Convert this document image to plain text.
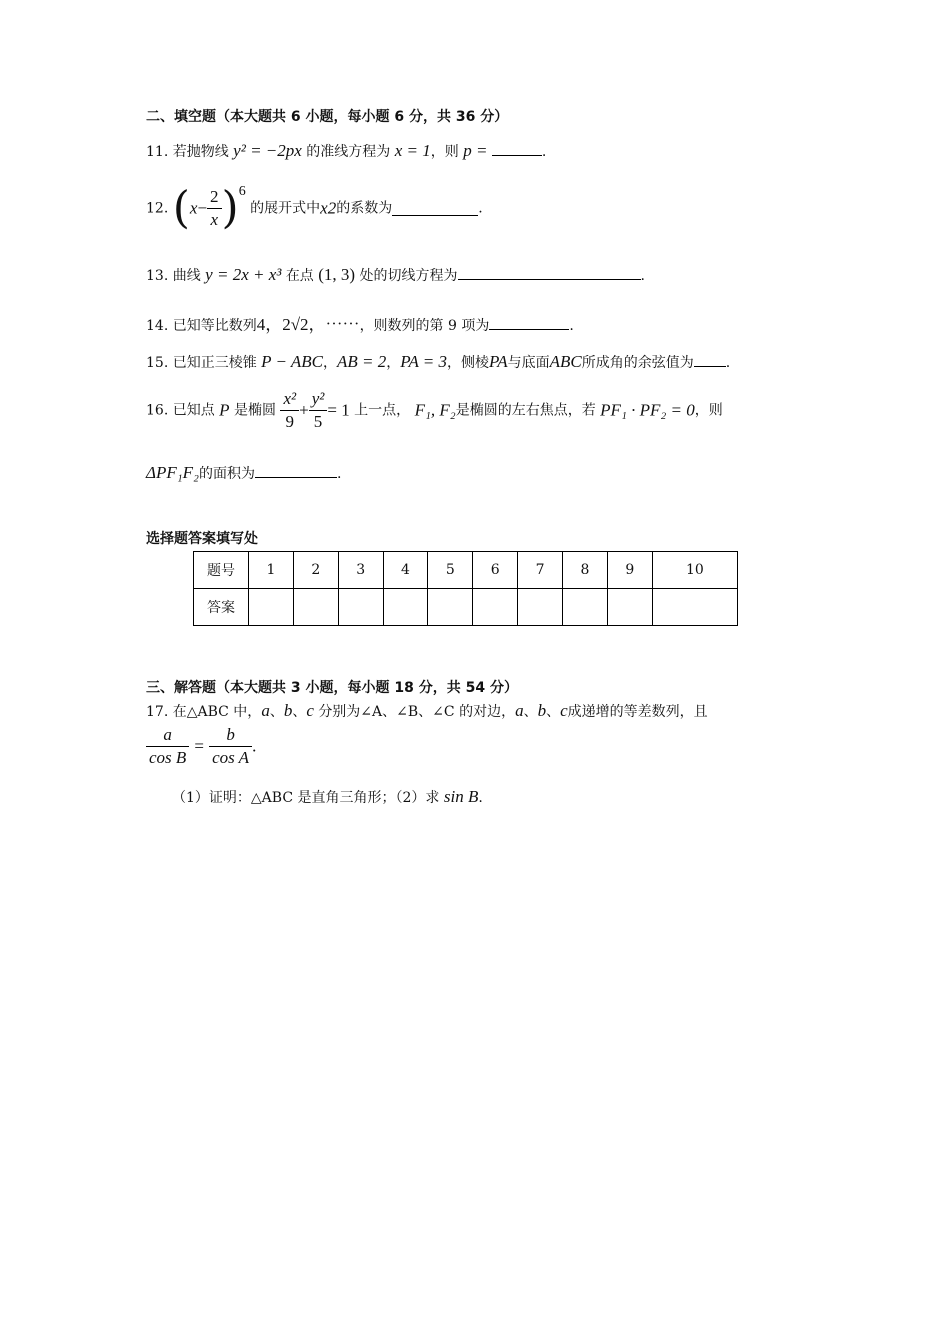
二、填空题（本大题共 6 小题，每小题 6 分，共 36 分）
11. 若抛物线 y² = −2px 的准线方程为 x = 1，则 p =	.
12. $(x- \frac{2}{x} )6$ 的展开式中x2的系数为	.
13. 曲线 y = 2x + x³ 在点 (1, 3) 处的切线方程为	.
14. 已知等比数列4，2√2，⋯⋯，则数列的第 9 项为	.
15. 已知正三棱锥 P − ABC，AB = 2，PA = 3，侧棱PA与底面ABC所成角的余弦值为 .
16. 已知点 P 是椭圆 $\frac{\text{x²}}{9} + \frac{\text{y²}}{5} = 1$ 上一点， F₁, F₂是椭圆的左右焦点，若 PF₁ · PF₂ = 0，则
ΔPF₁F₂的面积为	.
选择题答案填写处
题号	1	2	3	4	5	6	7	8	9	10
答案										
三、解答题（本大题共 3 小题，每小题 18 分，共 54 分）
17. 在△ABC 中，a、b、c 分别为∠A、∠B、∠C 的对边，a、b、c成递增的等差数列，且
$\frac{a}{\text{cos B}} = \frac{b}{\text{cos A}}$ .
（1）证明：△ABC 是直角三角形；（2）求 sin B.
